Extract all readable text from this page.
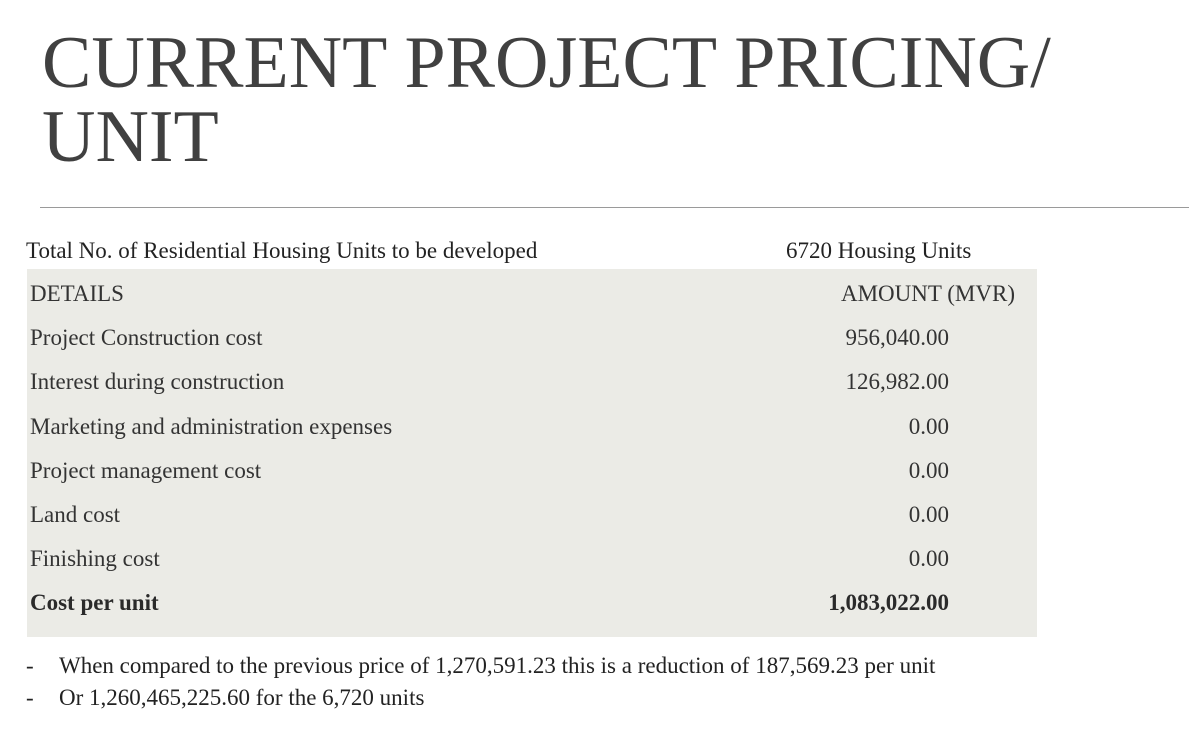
CURRENT PROJECT PRICING/
UNIT
Total No. of Residential Housing Units to be developed	6720 Housing Units
DETAILS	AMOUNT (MVR)
Project Construction cost	956,040.00
Interest during construction	126,982.00
Marketing and administration expenses	0.00
Project management cost	0.00
Land cost	0.00
Finishing cost	0.00
Cost per unit	1,083,022.00
- When compared to the previous price of 1,270,591.23 this is a reduction of 187,569.23 per unit
- Or 1,260,465,225.60 for the 6,720 units
